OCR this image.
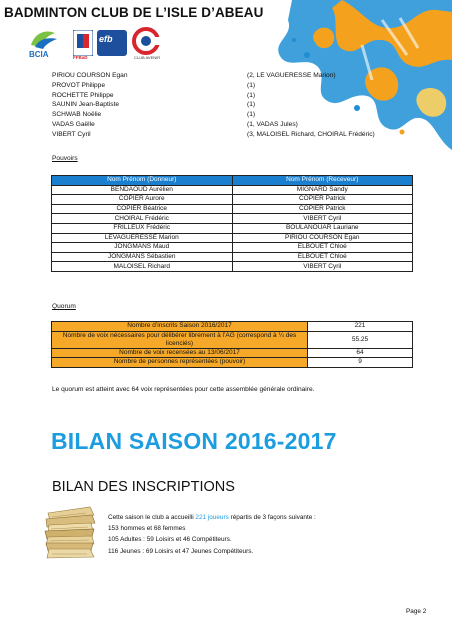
BADMINTON CLUB DE L’ISLE D’ABEAU
BCIA	FFBaD
efb
CLUB AVENIR
PIRIOU COURSON Egan	(2, LE VAGUERESSE Marion)
PROVOT Philippe	(1)
ROCHETTE Philippe	(1)
SAUNIN Jean-Baptiste	(1)
SCHWAB Noëlie	(1)
VADAS Gaëlle	(1, VADAS Jules)
VIBERT Cyril	(3, MALOISEL Richard, CHOIRAL Frédéric)
Pouvoirs
Nom Prénom (Donneur)	Nom Prénom (Receveur)
BENDAOUD Aurélien	MIGNARD Sandy
COPIER Aurore	COPIER Patrick
COPIER Béatrice	COPIER Patrick
CHOIRAL Frédéric	VIBERT Cyril
FRILLEUX Frédéric	BOULANOUAR Lauriane
LEVAGUERESSE Marion	PIRIOU COURSON Egan
JONGMANS Maud	ELBOUET Chloé
JONGMANS Sébastien	ELBOUET Chloé
MALOISEL Richard	VIBERT Cyril
Quorum
Nombre d’inscrits Saison 2016/2017	221
Nombre de voix nécessaires pour délibérer librement à l’AG (correspond à ¼ des licenciés)	55.25
Nombre de voix recensées au 13/06/2017	64
Nombre de personnes représentées (pouvoir)	9
Le quorum est atteint avec 64 voix représentées pour cette assemblée générale ordinaire.
BILAN SAISON 2016-2017
BILAN DES INSCRIPTIONS
Cette saison le club a accueilli 221 joueurs répartis de 3 façons suivante :
153 hommes et 68 femmes
105 Adultes : 59 Loisirs et 46 Compétiteurs.
116 Jeunes : 69 Loisirs et 47 Jeunes Compétiteurs.
Page 2
